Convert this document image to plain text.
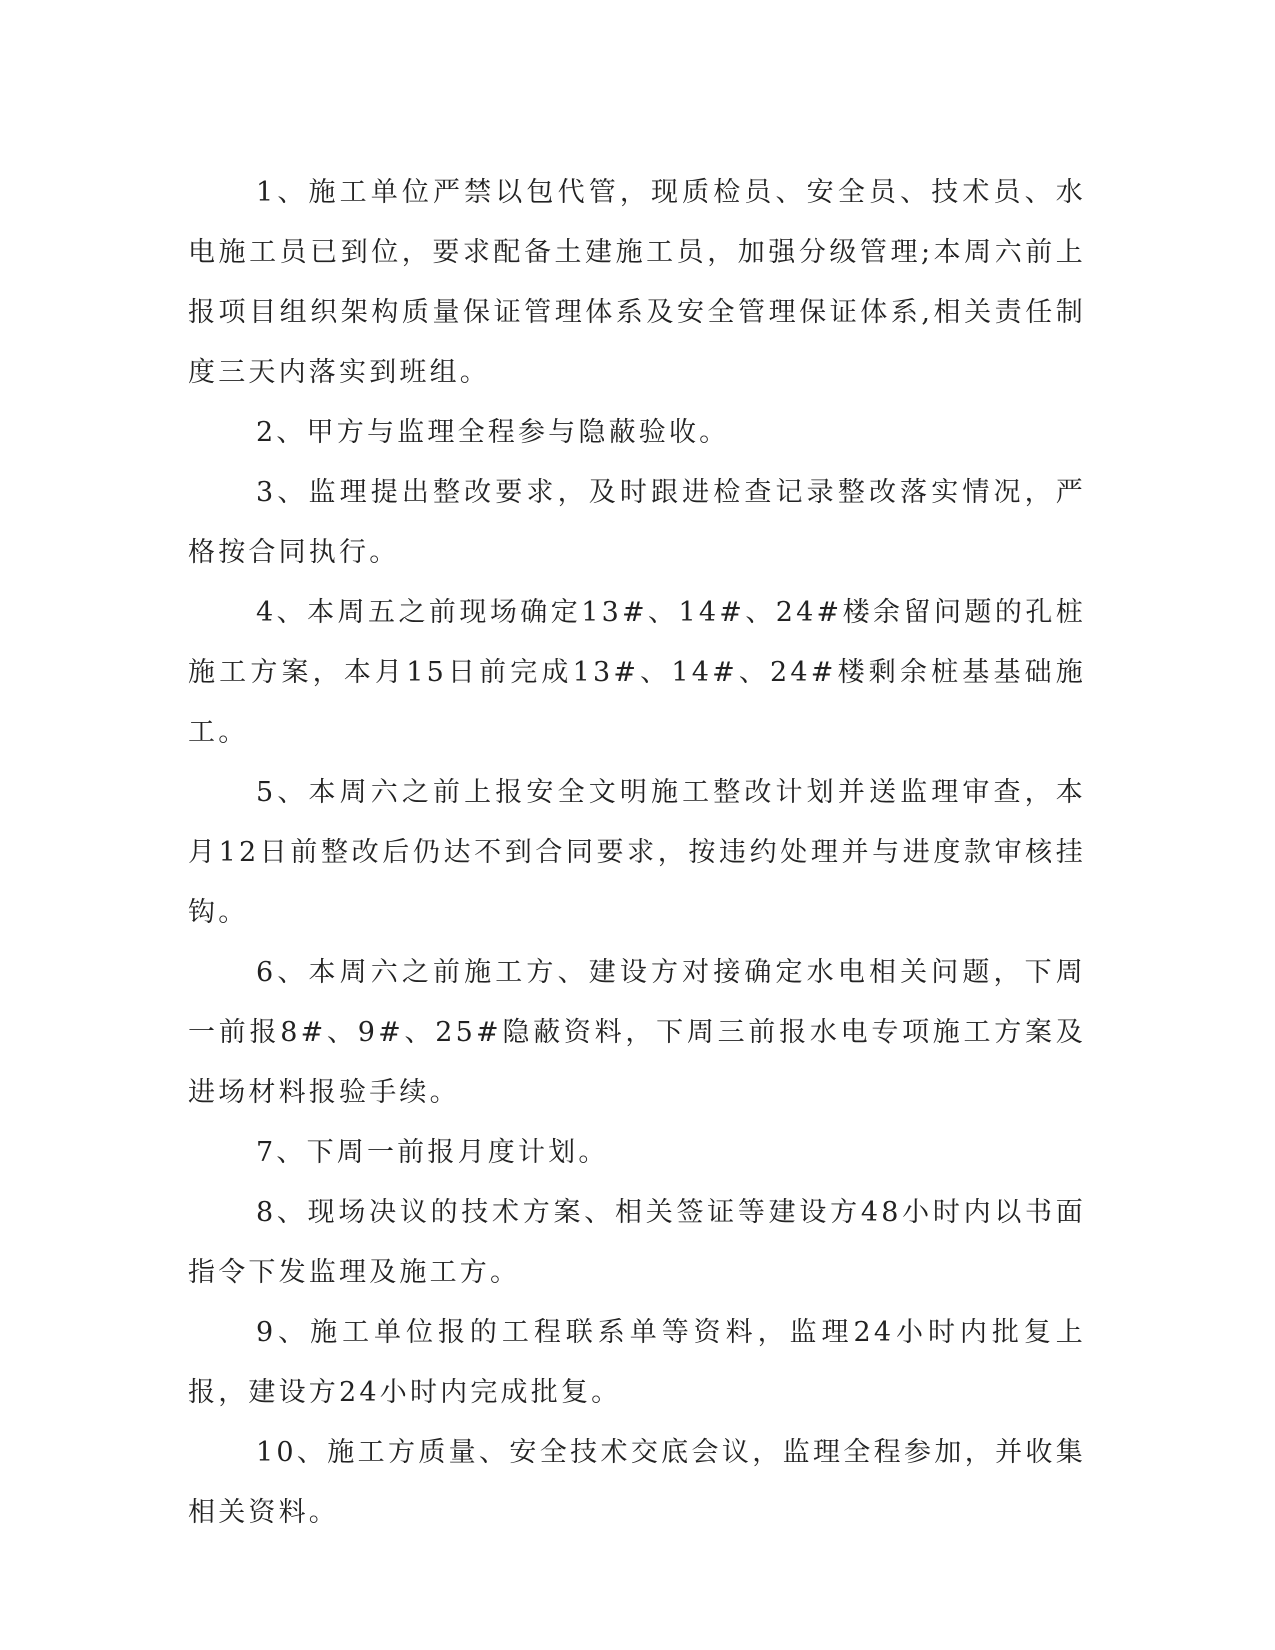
1、施工单位严禁以包代管，现质检员、安全员、技术员、水电施工员已到位，要求配备土建施工员，加强分级管理;本周六前上报项目组织架构质量保证管理体系及安全管理保证体系,相关责任制度三天内落实到班组。

2、甲方与监理全程参与隐蔽验收。

3、监理提出整改要求，及时跟进检查记录整改落实情况，严格按合同执行。

4、本周五之前现场确定13#、14#、24#楼余留问题的孔桩施工方案，本月15日前完成13#、14#、24#楼剩余桩基基础施工。

5、本周六之前上报安全文明施工整改计划并送监理审查，本月12日前整改后仍达不到合同要求，按违约处理并与进度款审核挂钩。

6、本周六之前施工方、建设方对接确定水电相关问题，下周一前报8#、9#、25#隐蔽资料，下周三前报水电专项施工方案及进场材料报验手续。

7、下周一前报月度计划。

8、现场决议的技术方案、相关签证等建设方48小时内以书面指令下发监理及施工方。

9、施工单位报的工程联系单等资料，监理24小时内批复上报，建设方24小时内完成批复。

10、施工方质量、安全技术交底会议，监理全程参加，并收集相关资料。
